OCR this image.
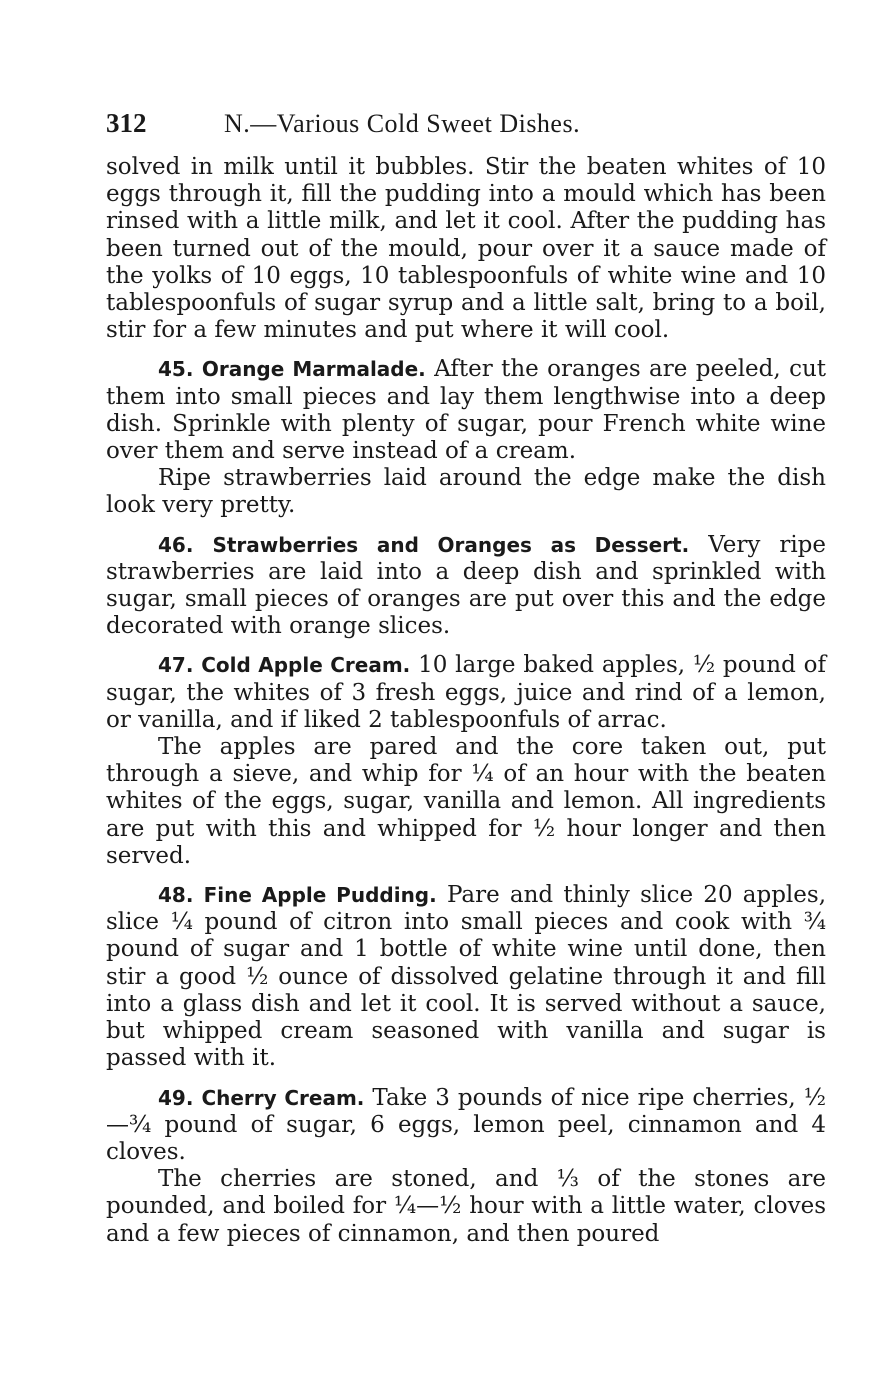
312	N.—Various Cold Sweet Dishes.

solved in milk until it bubbles. Stir the beaten whites of 10 eggs through it, fill the pudding into a mould which has been rinsed with a little milk, and let it cool. After the pudding has been turned out of the mould, pour over it a sauce made of the yolks of 10 eggs, 10 tablespoonfuls of white wine and 10 tablespoonfuls of sugar syrup and a little salt, bring to a boil, stir for a few minutes and put where it will cool.

45. Orange Marmalade. After the oranges are peeled, cut them into small pieces and lay them lengthwise into a deep dish. Sprinkle with plenty of sugar, pour French white wine over them and serve instead of a cream.

Ripe strawberries laid around the edge make the dish look very pretty.

46. Strawberries and Oranges as Dessert. Very ripe strawberries are laid into a deep dish and sprinkled with sugar, small pieces of oranges are put over this and the edge decorated with orange slices.

47. Cold Apple Cream. 10 large baked apples, ½ pound of sugar, the whites of 3 fresh eggs, juice and rind of a lemon, or vanilla, and if liked 2 tablespoonfuls of arrac.

The apples are pared and the core taken out, put through a sieve, and whip for ¼ of an hour with the beaten whites of the eggs, sugar, vanilla and lemon. All ingredients are put with this and whipped for ½ hour longer and then served.

48. Fine Apple Pudding. Pare and thinly slice 20 apples, slice ¼ pound of citron into small pieces and cook with ¾ pound of sugar and 1 bottle of white wine until done, then stir a good ½ ounce of dissolved gelatine through it and fill into a glass dish and let it cool. It is served without a sauce, but whipped cream seasoned with vanilla and sugar is passed with it.

49. Cherry Cream. Take 3 pounds of nice ripe cherries, ½—¾ pound of sugar, 6 eggs, lemon peel, cinnamon and 4 cloves.

The cherries are stoned, and ⅓ of the stones are pounded, and boiled for ¼—½ hour with a little water, cloves and a few pieces of cinnamon, and then poured
